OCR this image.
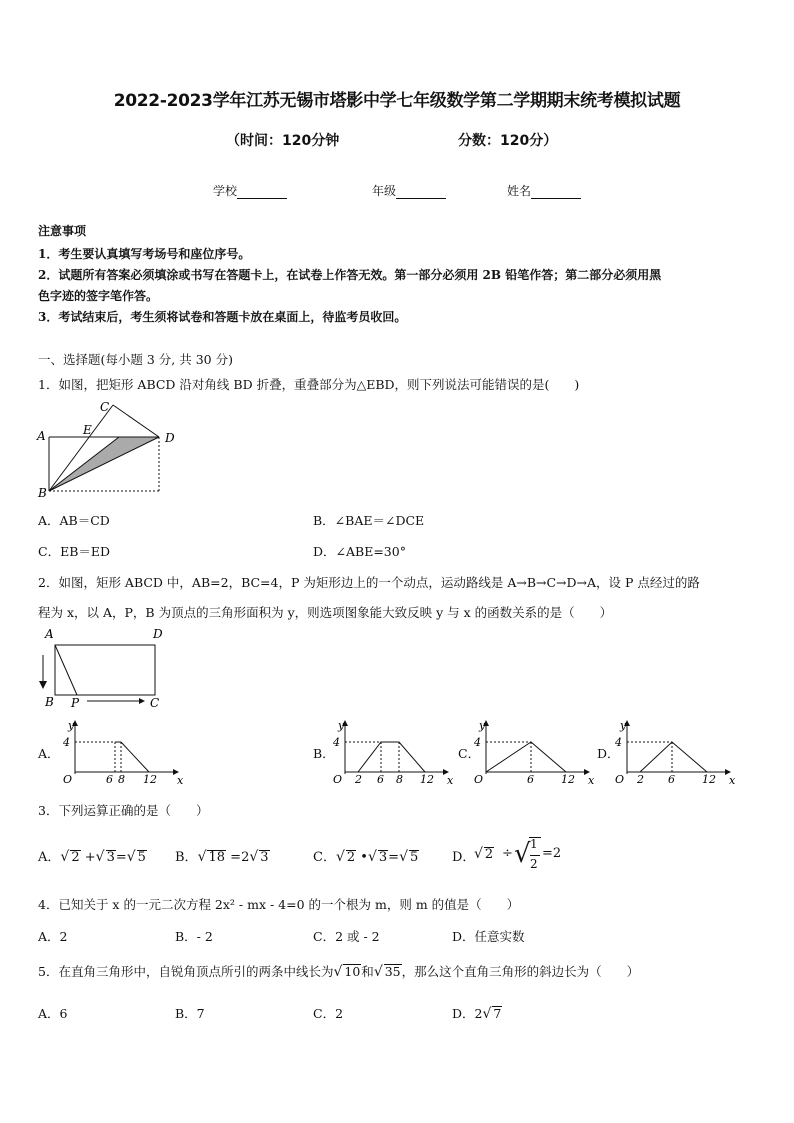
2022-2023学年江苏无锡市塔影中学七年级数学第二学期期末统考模拟试题
（时间：120分钟	分数：120分）
学校	年级	姓名
注意事项
1．考生要认真填写考场号和座位序号。
2．试题所有答案必须填涂或书写在答题卡上，在试卷上作答无效。第一部分必须用 2B 铅笔作答；第二部分必须用黑
色字迹的签字笔作答。
3．考试结束后，考生须将试卷和答题卡放在桌面上，待监考员收回。
一、选择题(每小题 3 分, 共 30 分)
1．如图，把矩形 ABCD 沿对角线 BD 折叠，重叠部分为△EBD，则下列说法可能错误的是(　　)
A
B
C
D
E
A．AB＝CD	B．∠BAE＝∠DCE
C．EB＝ED	D．∠ABE=30°
2．如图，矩形 ABCD 中，AB=2，BC=4，P 为矩形边上的一个动点，运动路线是 A→B→C→D→A，设 P 点经过的路
程为 x，以 A，P，B 为顶点的三角形面积为 y，则选项图象能大致反映 y 与 x 的函数关系的是（　　）
A	D
B P	C
A．
y
x
O
4
6 8 12
B．
y
x
O
4
2 6 8 12
C．
y
x
O
4
6 12
D．
y
x
O
4
2 6 12
3．下列运算正确的是（　　）
A．√ 2 +√ 3=√ 5 B．√ 18 =2√ 3	C．√ 2 •√ 3=√ 5	D．
√ 2 ÷ √ 1
2
=2
4．已知关于 x 的一元二次方程 2x² - mx - 4=0 的一个根为 m，则 m 的值是（　　）
A．2	B．- 2	C．2 或 - 2	D．任意实数
5．在直角三角形中，自锐角顶点所引的两条中线长为√ 10和√ 35，那么这个直角三角形的斜边长为（　　）
A．6	B．7	C．2	D．2√ 7
